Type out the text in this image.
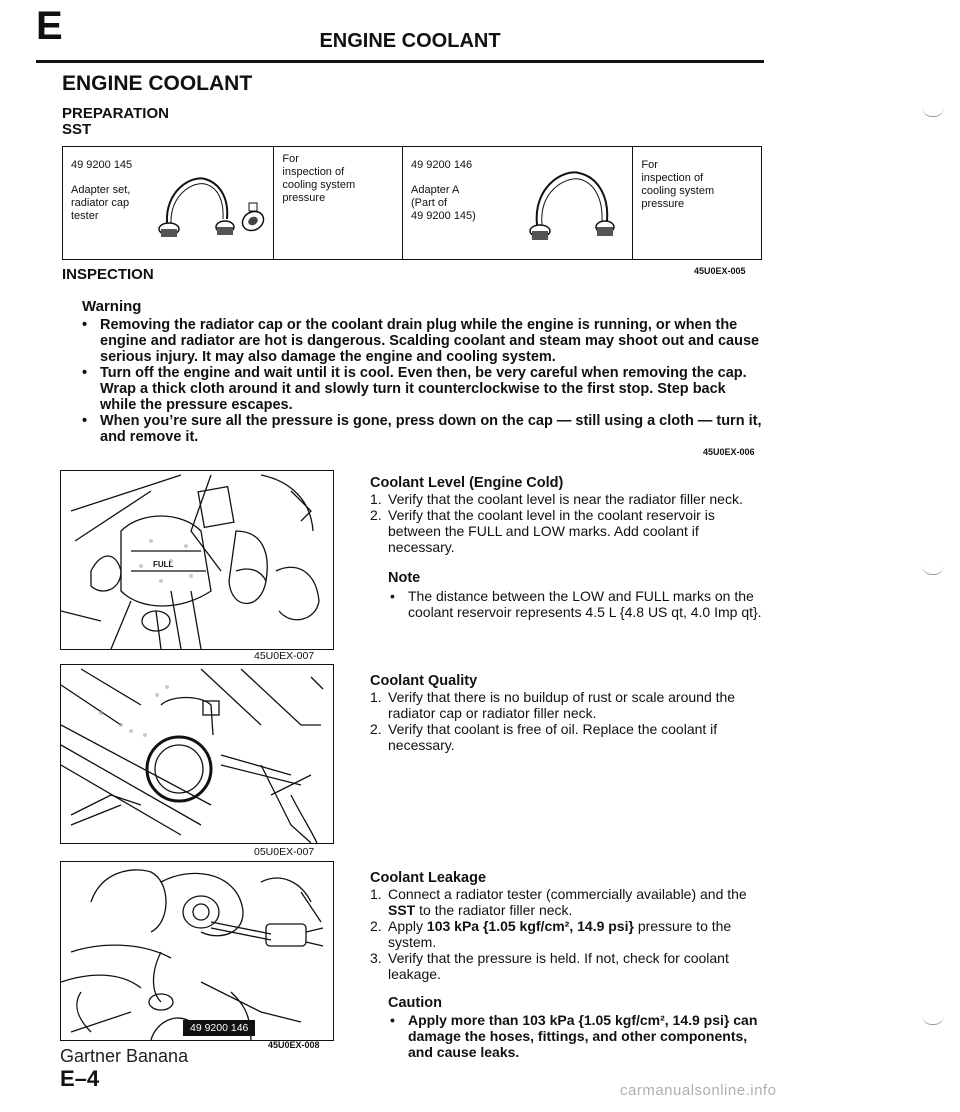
E	ENGINE COOLANT
ENGINE COOLANT
PREPARATION
SST
49 9200 145
Adapter set,
radiator cap
tester

For
inspection of
cooling system
pressure

49 9200 146
Adapter A
(Part of
49 9200 145)

For
inspection of
cooling system
pressure
INSPECTION	45U0EX-005
Warning
• Removing the radiator cap or the coolant drain plug while the engine is running, or when the engine and radiator are hot is dangerous. Scalding coolant and steam may shoot out and cause serious injury. It may also damage the engine and cooling system.
• Turn off the engine and wait until it is cool. Even then, be very careful when removing the cap. Wrap a thick cloth around it and slowly turn it counterclockwise to the first stop. Step back while the pressure escapes.
• When you’re sure all the pressure is gone, press down on the cap — still using a cloth — turn it, and remove it.
45U0EX-006
FULL
45U0EX-007
05U0EX-007
49 9200 146
45U0EX-008
Coolant Level (Engine Cold)
1. Verify that the coolant level is near the radiator filler neck.
2. Verify that the coolant level in the coolant reservoir is between the FULL and LOW marks. Add coolant if necessary.
Note
• The distance between the LOW and FULL marks on the coolant reservoir represents 4.5 L {4.8 US qt, 4.0 Imp qt}.
Coolant Quality
1. Verify that there is no buildup of rust or scale around the radiator cap or radiator filler neck.
2. Verify that coolant is free of oil. Replace the coolant if necessary.
Coolant Leakage
1. Connect a radiator tester (commercially available) and the SST to the radiator filler neck.
2. Apply 103 kPa {1.05 kgf/cm², 14.9 psi} pressure to the system.
3. Verify that the pressure is held. If not, check for coolant leakage.
Caution
• Apply more than 103 kPa {1.05 kgf/cm², 14.9 psi} can damage the hoses, fittings, and other components, and cause leaks.
Gartner Banana
E–4	carmanualsonline.info
